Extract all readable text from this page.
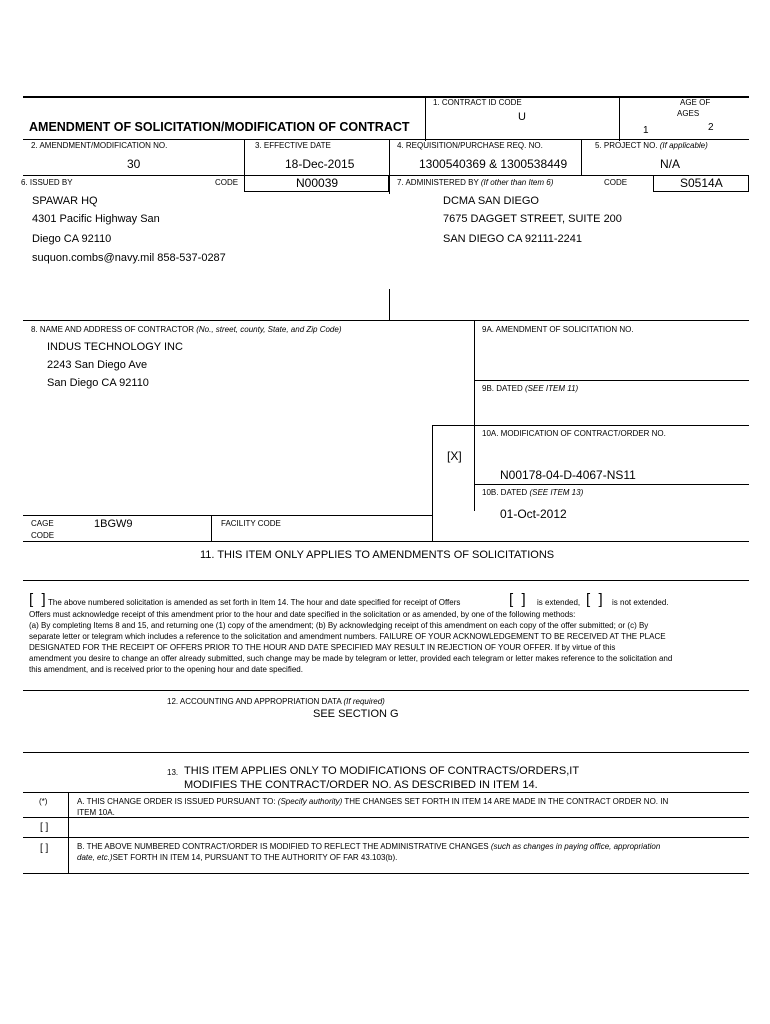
AMENDMENT OF SOLICITATION/MODIFICATION OF CONTRACT
1. CONTRACT ID CODE
U
AGE OF
AGES
1	2
2. AMENDMENT/MODIFICATION NO.
30
3. EFFECTIVE DATE
18-Dec-2015
4. REQUISITION/PURCHASE REQ. NO.
1300540369 & 1300538449
5. PROJECT NO. (If applicable)
N/A
6. ISSUED BY	CODE	N00039
SPAWAR HQ
4301 Pacific Highway San
Diego CA 92110
suquon.combs@navy.mil 858-537-0287
7. ADMINISTERED BY (If other than Item 6)	CODE	S0514A
DCMA SAN DIEGO
7675 DAGGET STREET, SUITE 200
SAN DIEGO CA 92111-2241
8. NAME AND ADDRESS OF CONTRACTOR (No., street, county, State, and Zip Code)
INDUS TECHNOLOGY INC
2243 San Diego Ave
San Diego CA 92110
9A. AMENDMENT OF SOLICITATION NO.
9B. DATED (SEE ITEM 11)
10A. MODIFICATION OF CONTRACT/ORDER NO.
[X]
N00178-04-D-4067-NS11
10B. DATED (SEE ITEM 13)
01-Oct-2012
CAGE
CODE
1BGW9	FACILITY CODE
11. THIS ITEM ONLY APPLIES TO AMENDMENTS OF SOLICITATIONS
[  ] The above numbered solicitation is amended as set forth in Item 14. The hour and date specified for receipt of Offers	[  ] is extended, [  ] is not extended.
Offers must acknowledge receipt of this amendment prior to the hour and date specified in the solicitation or as amended, by one of the following methods:
(a) By completing Items 8 and 15, and returning one (1) copy of the amendment; (b) By acknowledging receipt of this amendment on each copy of the offer submitted; or (c) By
separate letter or telegram which includes a reference to the solicitation and amendment numbers. FAILURE OF YOUR ACKNOWLEDGEMENT TO BE RECEIVED AT THE PLACE
DESIGNATED FOR THE RECEIPT OF OFFERS PRIOR TO THE HOUR AND DATE SPECIFIED MAY RESULT IN REJECTION OF YOUR OFFER. If by virtue of this
amendment you desire to change an offer already submitted, such change may be made by telegram or letter, provided each telegram or letter makes reference to the solicitation and
this amendment, and is received prior to the opening hour and date specified.
12. ACCOUNTING AND APPROPRIATION DATA (If required)
SEE SECTION G
13. THIS ITEM APPLIES ONLY TO MODIFICATIONS OF CONTRACTS/ORDERS,IT
MODIFIES THE CONTRACT/ORDER NO. AS DESCRIBED IN ITEM 14.
(*)	A. THIS CHANGE ORDER IS ISSUED PURSUANT TO: (Specify authority) THE CHANGES SET FORTH IN ITEM 14 ARE MADE IN THE CONTRACT ORDER NO. IN
ITEM 10A.
[ ]
[ ]	B. THE ABOVE NUMBERED CONTRACT/ORDER IS MODIFIED TO REFLECT THE ADMINISTRATIVE CHANGES (such as changes in paying office, appropriation
date, etc.)SET FORTH IN ITEM 14, PURSUANT TO THE AUTHORITY OF FAR 43.103(b).
